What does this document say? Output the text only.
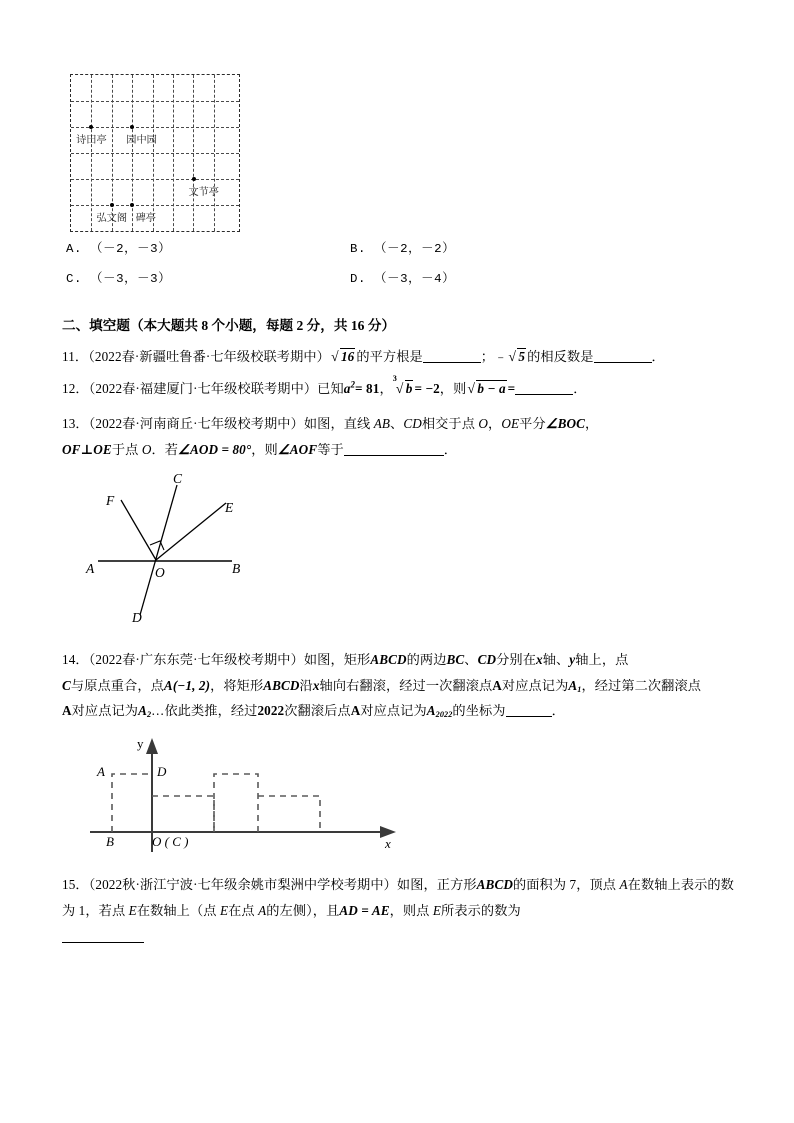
诗田亭 园中园
文节亭
弘文阁 碑亭
A. （－2，－3）	B. （－2，－2）
C. （－3，－3）	D. （－3，－4）
二、填空题（本大题共 8 个小题，每题 2 分，共 16 分）
11．（2022春·新疆吐鲁番·七年级校联考期中） √ 16 的平方根是	；﹣ √ 5 的相反数是	．
12．（2022春·福建厦门·七年级校联考期中）已知$a^2= 81$，
√ 3
b = −2，则 √ b − a =	．
13．（2022春·河南商丘·七年级校考期中）如图，直线 AB、CD相交于点 O，OE平分∠BOC，
OF⊥OE于点 O．若∠AOD = 80°，则∠AOF等于	．
C
F	E
A	B
O
D
14．（2022春·广东东莞·七年级校考期中）如图，矩形ABCD的两边BC、CD分别在x轴、y轴上，点
C与原点重合，点A(−1, 2)，将矩形ABCD沿x轴向右翻滚，经过一次翻滚点A对应点记为$A_1$，经过第二次翻滚点
A对应点记为$A_2\dots$依此类推，经过2022次翻滚后点A对应点记为$A_{2022}$的坐标为	．
y
A	D
B	O ( C )	x
15．（2022秋·浙江宁波·七年级余姚市梨洲中学校考期中）如图，正方形ABCD的面积为 7，顶点 A在数轴上表示的数为 1，若点 E在数轴上（点 E在点 A的左侧），且AD = AE，则点 E所表示的数为
